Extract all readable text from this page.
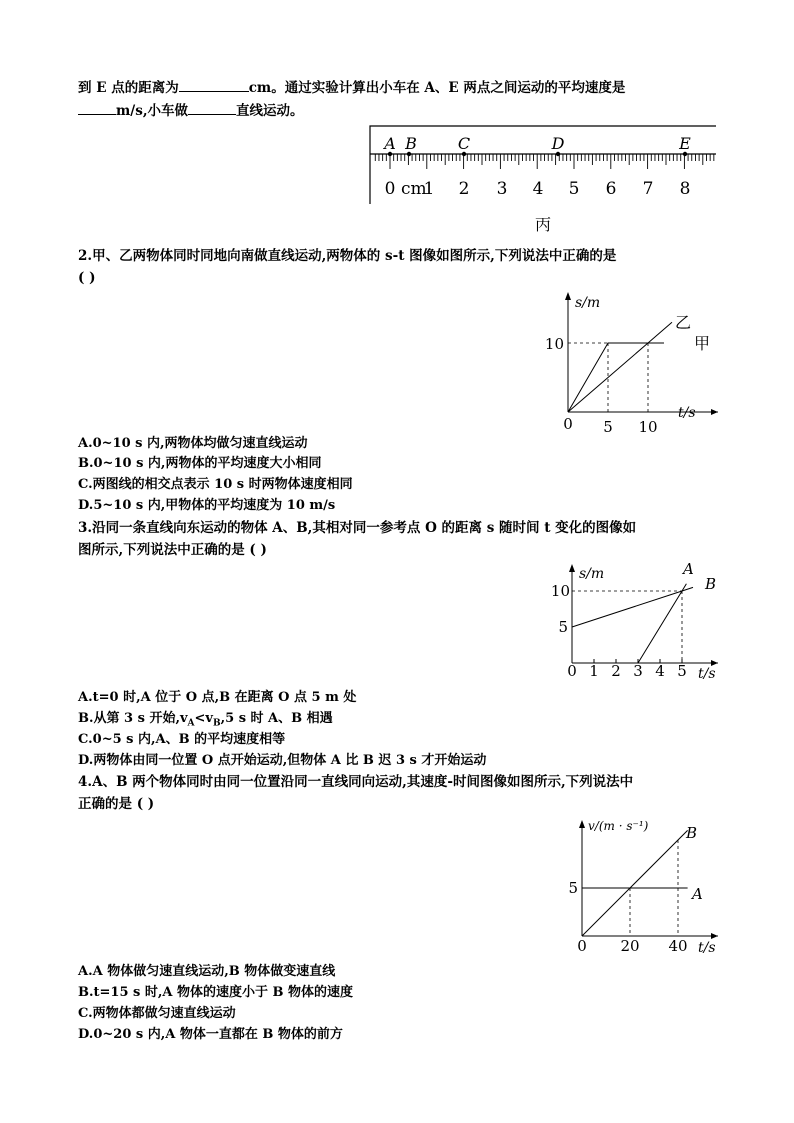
到 E 点的距离为	cm。通过实验计算出小车在 A、E 两点之间运动的平均速度是
m/s,小车做	直线运动。
0 cm
1 2 3 4 5 6 7 8
A B	C	D	E
丙
2.甲、乙两物体同时同地向南做直线运动,两物体的 s-t 图像如图所示,下列说法中正确的是
( )
s/m
t/s
0
乙
甲
5 10
10
A.0~10 s 内,两物体均做匀速直线运动
B.0~10 s 内,两物体的平均速度大小相同
C.两图线的相交点表示 10 s 时两物体速度相同
D.5~10 s 内,甲物体的平均速度为 10 m/s
3.沿同一条直线向东运动的物体 A、B,其相对同一参考点 O 的距离 s 随时间 t 变化的图像如
图所示,下列说法中正确的是 ( )
s/m
t/s
A
B
0 1 2 3 4 5
5
10
A.t=0 时,A 位于 O 点,B 在距离 O 点 5 m 处
B.从第 3 s 开始$,v_A<v_B,5$ s 时 A、B 相遇
C.0~5 s 内,A、B 的平均速度相等
D.两物体由同一位置 O 点开始运动,但物体 A 比 B 迟 3 s 才开始运动
4.A、B 两个物体同时由同一位置沿同一直线同向运动,其速度-时间图像如图所示,下列说法中
正确的是 ( )
v/(m · s⁻¹)
t/s
0
B
A
20 40
5
A.A 物体做匀速直线运动,B 物体做变速直线
B.t=15 s 时,A 物体的速度小于 B 物体的速度
C.两物体都做匀速直线运动
D.0~20 s 内,A 物体一直都在 B 物体的前方
